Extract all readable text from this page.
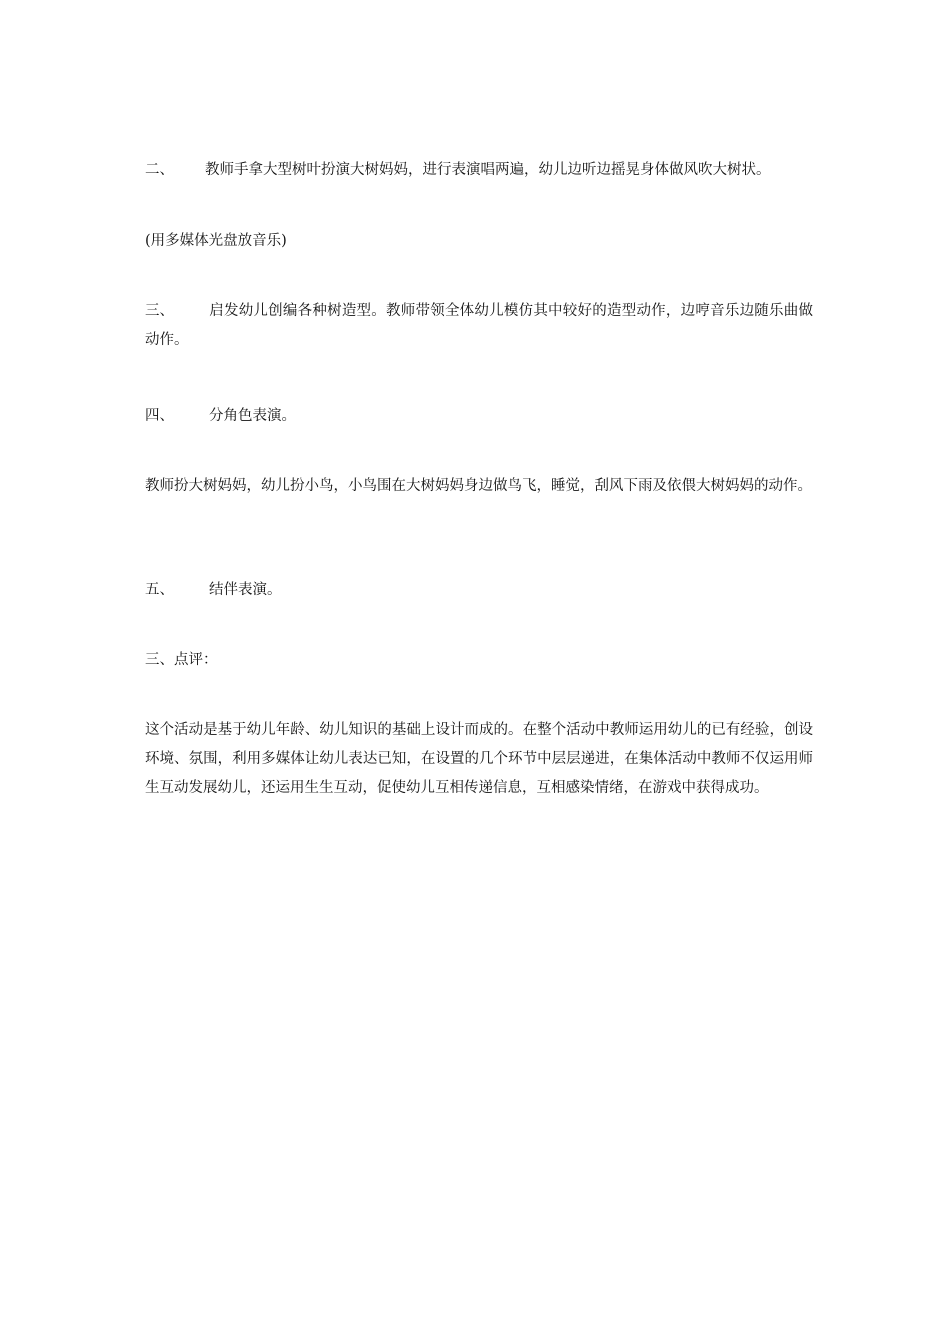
二、 教师手拿大型树叶扮演大树妈妈，进行表演唱两遍，幼儿边听边摇晃身体做风吹大树状。
(用多媒体光盘放音乐)
三、 启发幼儿创编各种树造型。教师带领全体幼儿模仿其中较好的造型动作，边哼音乐边随乐曲做动作。
四、 分角色表演。
教师扮大树妈妈，幼儿扮小鸟，小鸟围在大树妈妈身边做鸟飞，睡觉，刮风下雨及依偎大树妈妈的动作。
五、 结伴表演。
三、点评：
这个活动是基于幼儿年龄、幼儿知识的基础上设计而成的。在整个活动中教师运用幼儿的已有经验，创设环境、氛围，利用多媒体让幼儿表达已知，在设置的几个环节中层层递进，在集体活动中教师不仅运用师生互动发展幼儿，还运用生生互动，促使幼儿互相传递信息，互相感染情绪，在游戏中获得成功。
